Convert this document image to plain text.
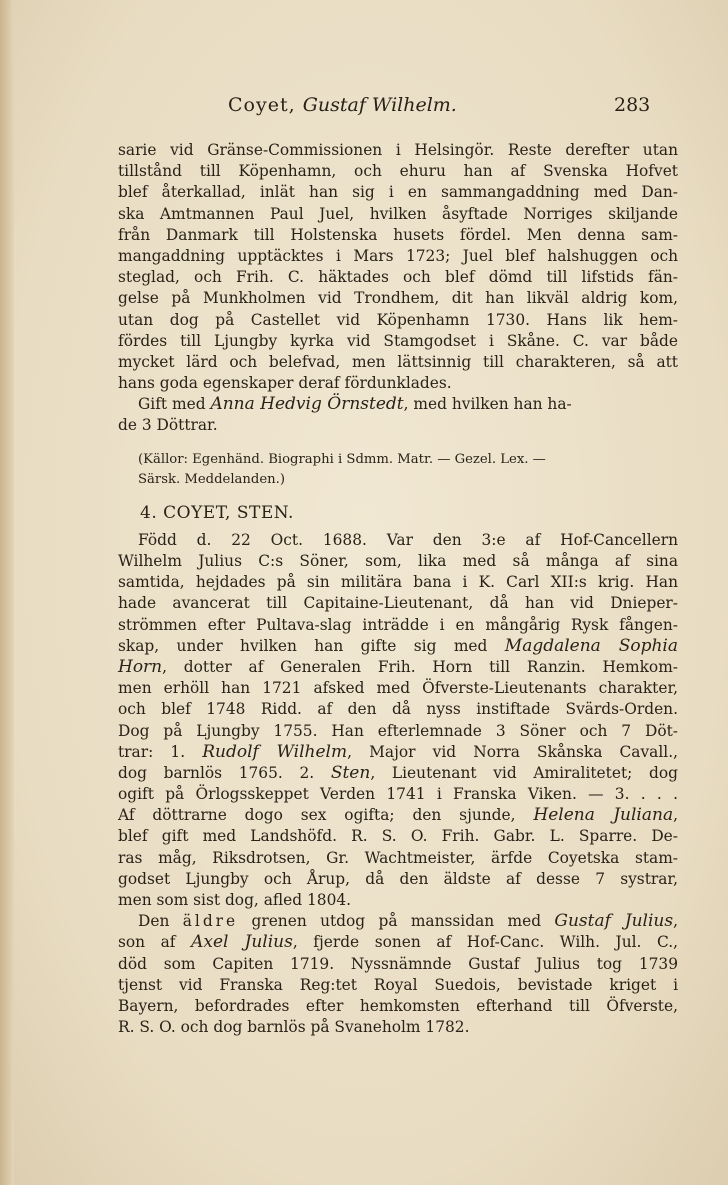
Coyet, Gustaf Wilhelm.	283
sarie vid Gränse-Commissionen i Helsingör. Reste derefter utan
tillstånd till Köpenhamn, och ehuru han af Svenska Hofvet
blef återkallad, inlät han sig i en sammangaddning med Dan-
ska Amtmannen Paul Juel, hvilken åsyftade Norriges skiljande
från Danmark till Holstenska husets fördel. Men denna sam-
mangaddning upptäcktes i Mars 1723; Juel blef halshuggen och
steglad, och Frih. C. häktades och blef dömd till lifstids fän-
gelse på Munkholmen vid Trondhem, dit han likväl aldrig kom,
utan dog på Castellet vid Köpenhamn 1730. Hans lik hem-
fördes till Ljungby kyrka vid Stamgodset i Skåne. C. var både
mycket lärd och belefvad, men lättsinnig till charakteren, så att
hans goda egenskaper deraf fördunklades.
Gift med Anna Hedvig Örnstedt, med hvilken han ha-
de 3 Döttrar.
(Källor: Egenhänd. Biographi i Sdmm. Matr. — Gezel. Lex. —
Särsk. Meddelanden.)
4. COYET, STEN.
Född d. 22 Oct. 1688. Var den 3:e af Hof-Cancellern
Wilhelm Julius C:s Söner, som, lika med så många af sina
samtida, hejdades på sin militära bana i K. Carl XII:s krig. Han
hade avancerat till Capitaine-Lieutenant, då han vid Dnieper-
strömmen efter Pultava-slag inträdde i en mångårig Rysk fången-
skap, under hvilken han gifte sig med Magdalena Sophia
Horn, dotter af Generalen Frih. Horn till Ranzin. Hemkom-
men erhöll han 1721 afsked med Öfverste-Lieutenants charakter,
och blef 1748 Ridd. af den då nyss instiftade Svärds-Orden.
Dog på Ljungby 1755. Han efterlemnade 3 Söner och 7 Döt-
trar: 1. Rudolf Wilhelm, Major vid Norra Skånska Cavall.,
dog barnlös 1765. 2. Sten, Lieutenant vid Amiralitetet; dog
ogift på Örlogsskeppet Verden 1741 i Franska Viken. — 3. . . .
Af döttrarne dogo sex ogifta; den sjunde, Helena Juliana,
blef gift med Landshöfd. R. S. O. Frih. Gabr. L. Sparre. De-
ras måg, Riksdrotsen, Gr. Wachtmeister, ärfde Coyetska stam-
godset Ljungby och Årup, då den äldste af desse 7 systrar,
men som sist dog, afled 1804.
Den äldre grenen utdog på manssidan med Gustaf Julius,
son af Axel Julius, fjerde sonen af Hof-Canc. Wilh. Jul. C.,
död som Capiten 1719. Nyssnämnde Gustaf Julius tog 1739
tjenst vid Franska Reg:tet Royal Suedois, bevistade kriget i
Bayern, befordrades efter hemkomsten efterhand till Öfverste,
R. S. O. och dog barnlös på Svaneholm 1782.
